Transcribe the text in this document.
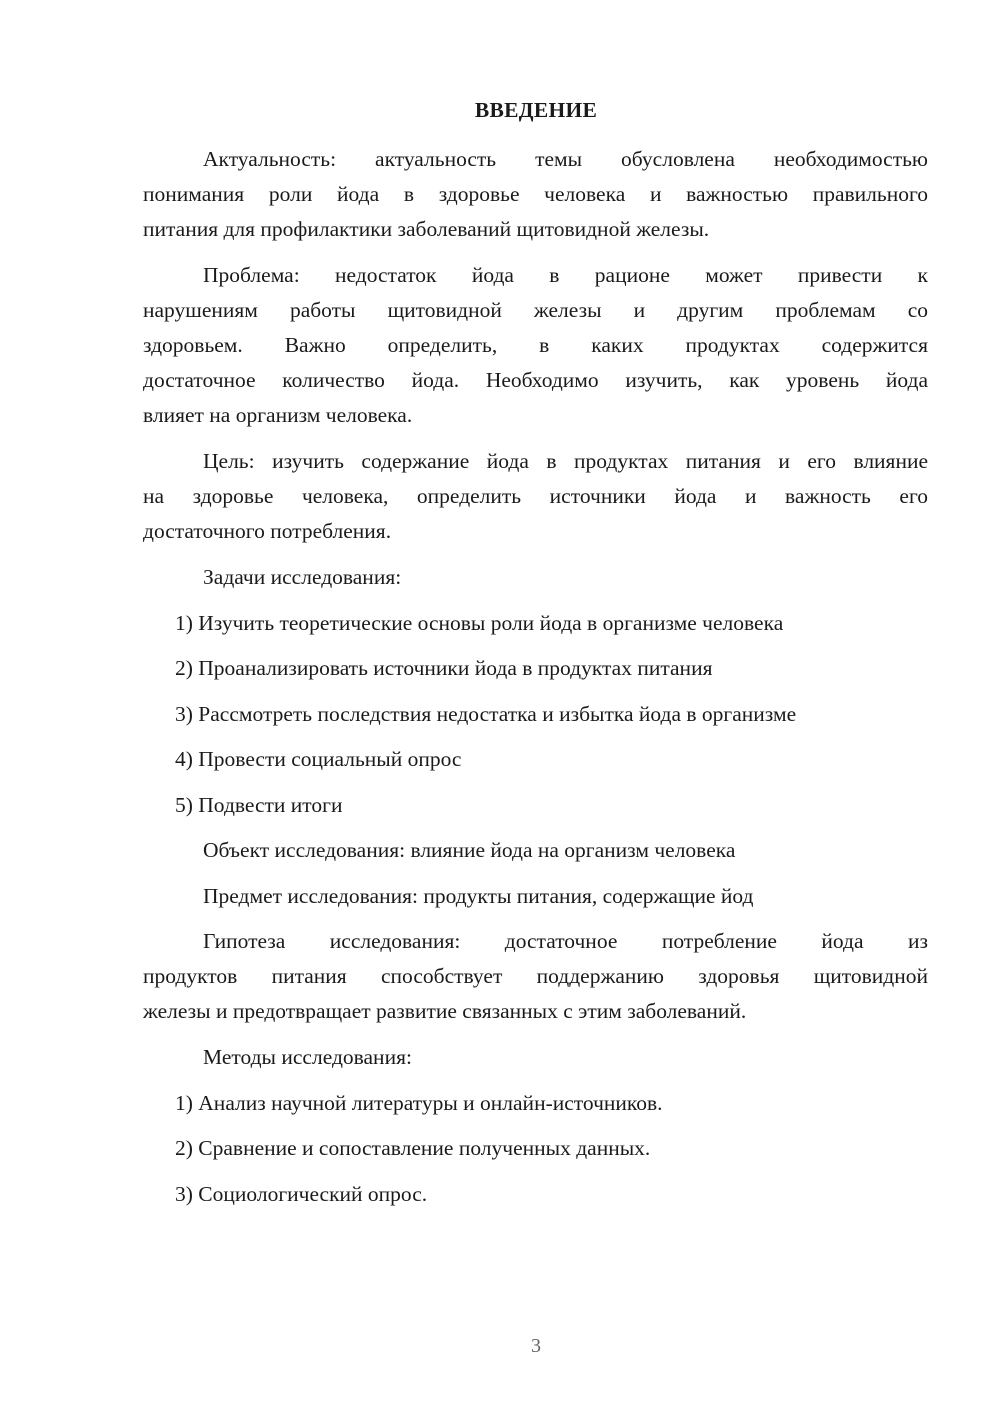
ВВЕДЕНИЕ
Актуальность: актуальность темы обусловлена необходимостью
понимания роли йода в здоровье человека и важностью правильного
питания для профилактики заболеваний щитовидной железы.
Проблема: недостаток йода в рационе может привести к
нарушениям работы щитовидной железы и другим проблемам со
здоровьем. Важно определить, в каких продуктах содержится
достаточное количество йода. Необходимо изучить, как уровень йода
влияет на организм человека.
Цель: изучить содержание йода в продуктах питания и его влияние
на здоровье человека, определить источники йода и важность его
достаточного потребления.
Задачи исследования:
1) Изучить теоретические основы роли йода в организме человека
2) Проанализировать источники йода в продуктах питания
3) Рассмотреть последствия недостатка и избытка йода в организме
4) Провести социальный опрос
5) Подвести итоги
Объект исследования: влияние йода на организм человека
Предмет исследования: продукты питания, содержащие йод
Гипотеза исследования: достаточное потребление йода из
продуктов питания способствует поддержанию здоровья щитовидной
железы и предотвращает развитие связанных с этим заболеваний.
Методы исследования:
1) Анализ научной литературы и онлайн-источников.
2) Сравнение и сопоставление полученных данных.
3) Социологический опрос.
3
